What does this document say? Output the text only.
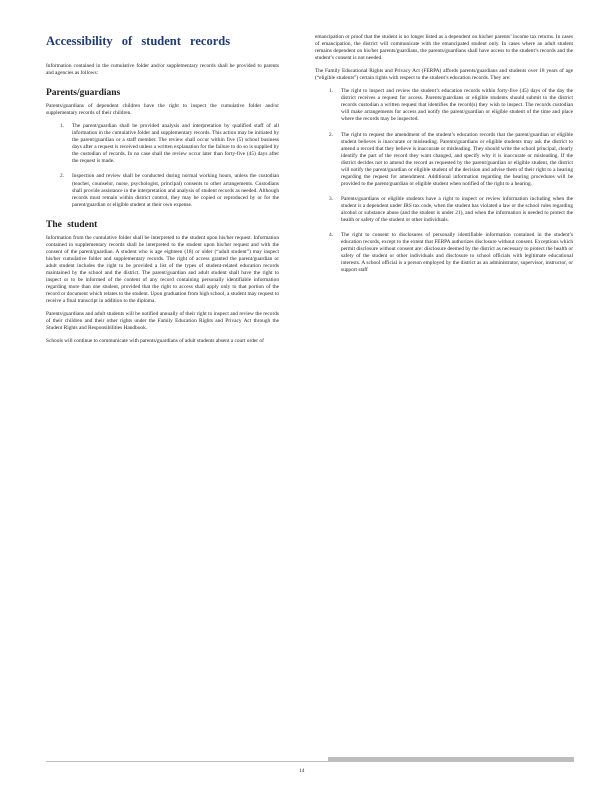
Accessibility of student records

Information contained in the cumulative folder and/or supplementary records shall be provided to parents and agencies as follows:

Parents/guardians

Parents/guardians of dependent children have the right to inspect the cumulative folder and/or supplementary records of their children.

1. The parent/guardian shall be provided analysis and interpretation by qualified staff of all information in the cumulative folder and supplementary records. This action may be initiated by the parent/guardian or a staff member. The review shall occur within five (5) school business days after a request is received unless a written explanation for the failure to do so is supplied by the custodian of records. In no case shall the review occur later than forty-five (45) days after the request is made.
2. Inspection and review shall be conducted during normal working hours, unless the custodian (teacher, counselor, nurse, psychologist, principal) consents to other arrangements. Custodians shall provide assistance in the interpretation and analysis of student records as needed. Although records must remain within district control, they may be copied or reproduced by or for the parent/guardian or eligible student at their own expense.
The student

Information from the cumulative folder shall be interpreted to the student upon his/her request. Information contained in supplementary records shall be interpreted to the student upon his/her request and with the consent of the parent/guardian. A student who is age eighteen (18) or older (“adult student”) may inspect his/her cumulative folder and supplementary records. The right of access granted the parent/guardian or adult student includes the right to be provided a list of the types of student-related education records maintained by the school and the district. The parent/guardian and adult student shall have the right to inspect or to be informed of the content of any record containing personally identifiable information regarding more than one student, provided that the right to access shall apply only to that portion of the record or document which relates to the student. Upon graduation from high school, a student may request to receive a final transcript in addition to the diploma.

Parents/guardians and adult students will be notified annually of their right to inspect and review the records of their children and their other rights under the Family Education Rights and Privacy Act through the Student Rights and Responsibilities Handbook.

Schools will continue to communicate with parents/guardians of adult students absent a court order of

emancipation or proof that the student is no longer listed as a dependent on his/her parents’ income tax returns. In cases of emancipation, the district will communicate with the emancipated student only. In cases where an adult student remains dependent on his/her parents/guardians, the parents/guardians shall have access to the student’s records and the student’s consent is not needed.

The Family Educational Rights and Privacy Act (FERPA) affords parents/guardians and students over 18 years of age (“eligible students”) certain rights with respect to the student’s education records. They are:

1. The right to inspect and review the student’s education records within forty-five (45) days of the day the district receives a request for access. Parents/guardians or eligible students should submit to the district records custodian a written request that identifies the record(s) they wish to inspect. The records custodian will make arrangements for access and notify the parent/guardian or eligible student of the time and place where the records may be inspected.
2. The right to request the amendment of the student’s education records that the parent/guardian or eligible student believes is inaccurate or misleading. Parents/guardians or eligible students may ask the district to amend a record that they believe is inaccurate or misleading. They should write the school principal, clearly identify the part of the record they want changed, and specify why it is inaccurate or misleading. If the district decides not to amend the record as requested by the parent/guardian or eligible student, the district will notify the parent/guardian or eligible student of the decision and advise them of their right to a hearing regarding the request for amendment. Additional information regarding the hearing procedures will be provided to the parent/guardian or eligible student when notified of the right to a hearing.
3. Parents/guardians or eligible students have a right to inspect or review information including when the student is a dependent under IRS tax code, when the student has violated a law or the school rules regarding alcohol or substance abuse (and the student is under 21), and when the information is needed to protect the health or safety of the student or other individuals.
4. The right to consent to disclosures of personally identifiable information contained in the student’s education records, except to the extent that FERPA authorizes disclosure without consent. Exceptions which permit disclosure without consent are: disclosure deemed by the district as necessary to protect the health or safety of the student or other individuals and disclosure to school officials with legitimate educational interests. A school official is a person employed by the district as an administrator, supervisor, instructor, or support staff
14
